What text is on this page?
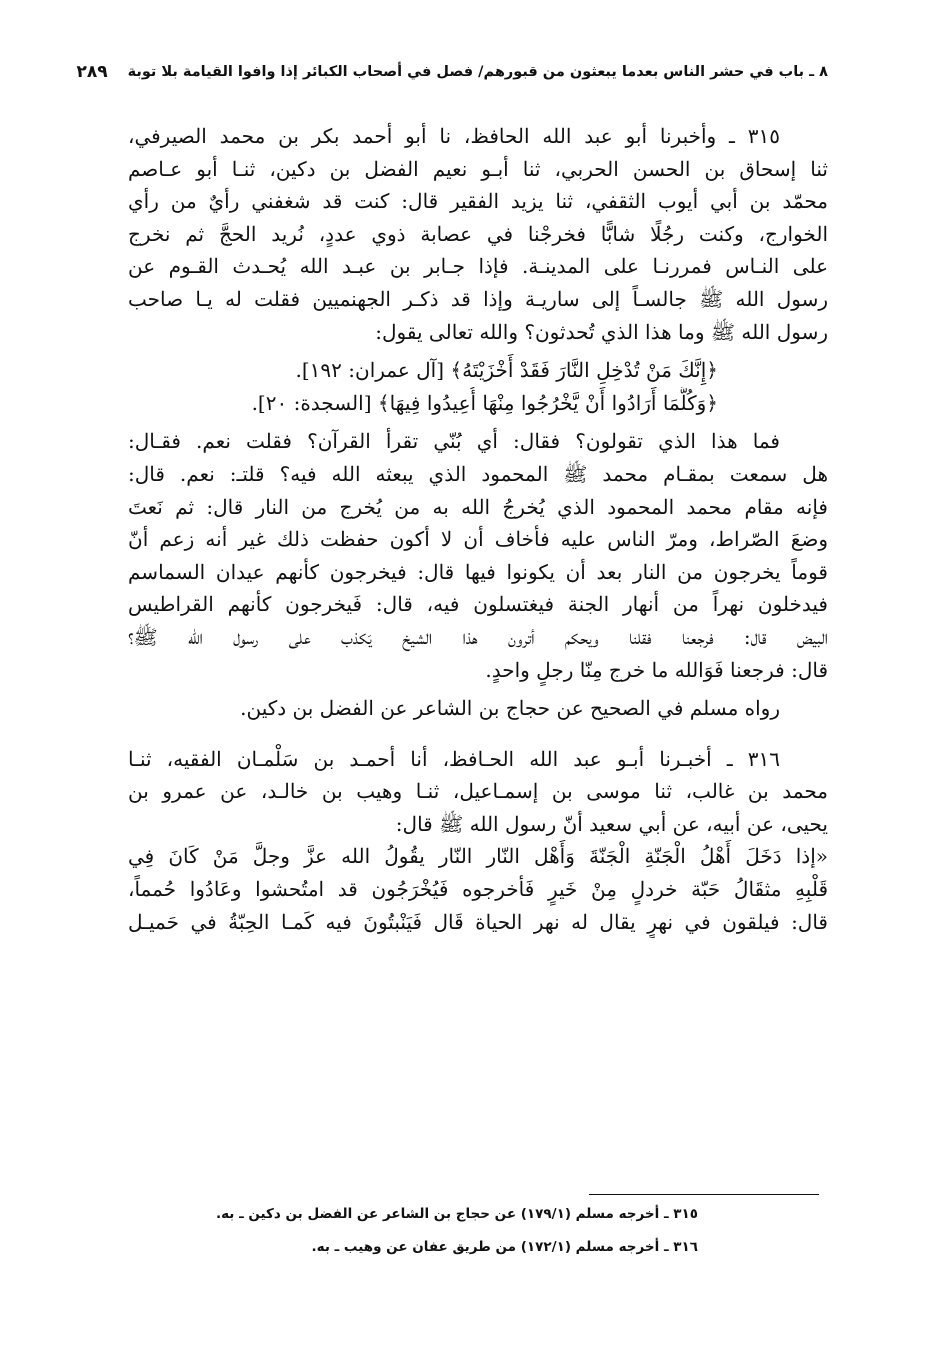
٨ ـ باب في حشر الناس بعدما يبعثون من قبورهم/ فصل في أصحاب الكبائر إذا وافوا القيامة بلا توبة
٢٨٩
٣١٥ ـ وأخبرنا أبو عبد الله الحافظ، نا أبو أحمد بكر بن محمد الصيرفي،
ثنا إسحاق بن الحسن الحربي، ثنا أبـو نعيم الفضل بن دكين، ثنـا أبو عـاصم
محمّد بن أبي أيوب الثقفي، ثنا يزيد الفقير قال: كنت قد شغفني رأيٌ من رأي
الخوارج، وكنت رجُلًا شابًّا فخرجْنا في عصابة ذوي عددٍ، نُريد الحجَّ ثم نخرج
على النـاس فمررنـا على المدينـة. فإذا جـابر بن عبـد الله يُحـدث القـوم عن
رسول الله ﷺ جالسـاً إلى ساريـة وإذا قد ذكـر الجهنميين فقلت له يـا صاحب
رسول الله ﷺ وما هذا الذي تُحدثون؟ والله تعالى يقول:
﴿إِنَّكَ مَنْ تُدْخِلِ النَّارَ فَقَدْ أَخْزَيْتَهُ﴾ [آل عمران: ١٩٢].
﴿وَكُلَّمَا أَرَادُوا أَنْ يَّخْرُجُوا مِنْهَا أُعِيدُوا فِيهَا﴾ [السجدة: ٢٠].
فما هذا الذي تقولون؟ فقال: أي بُنّي تقرأ القرآن؟ فقلت نعم. فقـال:
هل سمعت بمقـام محمد ﷺ المحمود الذي يبعثه الله فيه؟ قلتـ: نعم. قال:
فإنه مقام محمد المحمود الذي يُخرجُ الله به من يُخرج من النار قال: ثم نَعتَ
وضعَ الصّراط، ومرّ الناس عليه فأخاف أن لا أكون حفظت ذلك غير أنه زعم أنّ
قوماً يخرجون من النار بعد أن يكونوا فيها قال: فيخرجون كأنهم عيدان السماسم
فيدخلون نهراً من أنهار الجنة فيغتسلون فيه، قال: فَيخرجون كأنهم القراطيس
البيض قال: فرجعنا فقلنا ويحكم أترون هذا الشيخ يَكذب على رسول الله ﷺ؟
قال: فرجعنا فَوَالله ما خرج مِنّا رجلٍ واحدٍ.
رواه مسلم في الصحيح عن حجاج بن الشاعر عن الفضل بن دكين.
٣١٦ ـ أخبـرنا أبـو عبد الله الحـافظ، أنا أحمـد بن سَلْمـان الفقيه، ثنـا
محمد بن غالب، ثنا موسى بن إسمـاعيل، ثنـا وهيب بن خالـد، عن عمرو بن
يحيى، عن أبيه، عن أبي سعيد أنّ رسول الله ﷺ قال:
«إذا دَخَلَ أَهْلُ الْجَنّةِ الْجَنّةَ وَأَهْل النّار النّار يقُولُ الله عزَّ وجلَّ مَنْ كَانَ فِي
قَلْبِهِ مثقَالُ حَبّة خردلٍ مِنْ خَيرٍ فَأخرجوه فَيُخْرَجُون قد امتُحشوا وعَادُوا حُمماً،
قال: فيلقون في نهرٍ يقال له نهر الحياة قَال فَيَنْبتُونَ فيه كَمـا الحِبّةُ في حَميـل
٣١٥ ـ أخرجه مسلم (١٧٩/١) عن حجاج بن الشاعر عن الفضل بن دكين ـ به.
٣١٦ ـ أخرجه مسلم (١٧٢/١) من طريق عفان عن وهيب ـ به.
